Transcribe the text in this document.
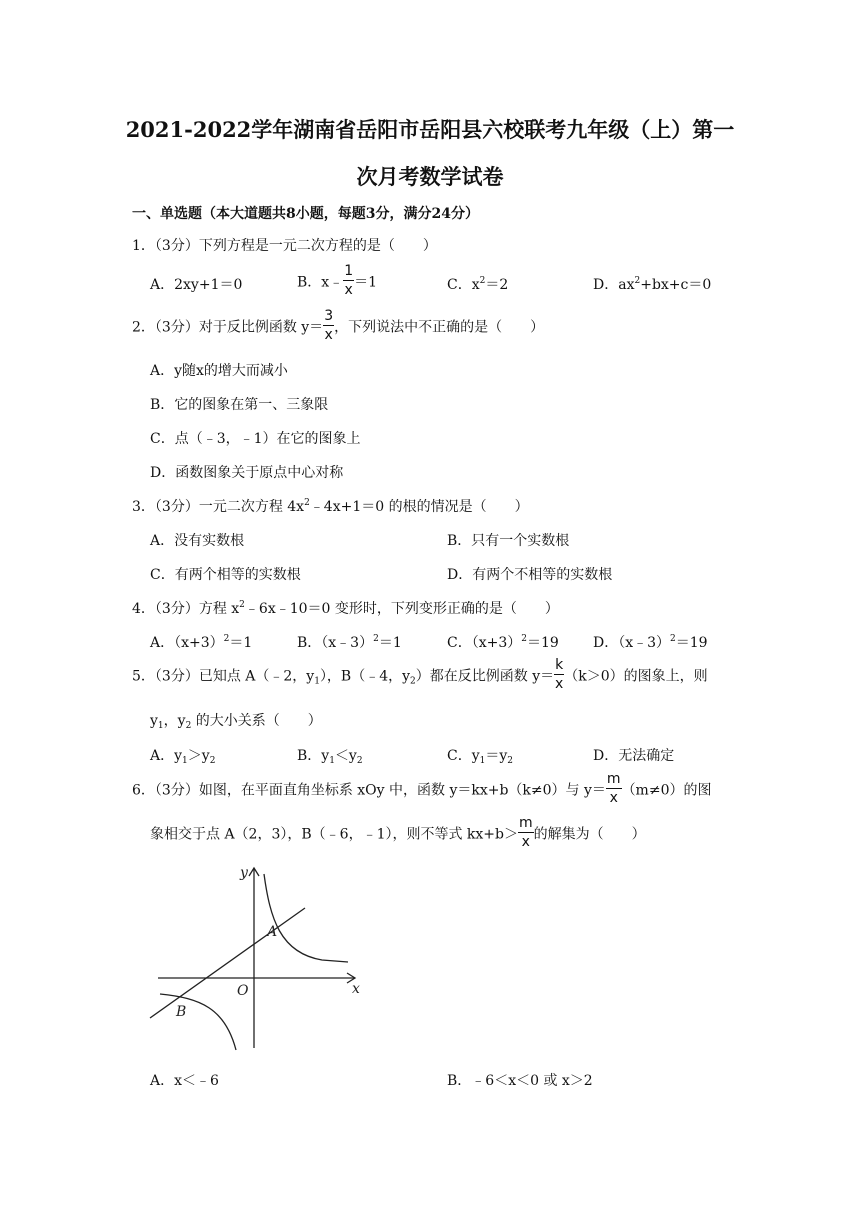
2021-2022学年湖南省岳阳市岳阳县六校联考九年级（上）第一
次月考数学试卷
一、单选题（本大道题共8小题，每题3分，满分24分）
1．（3分）下列方程是一元二次方程的是（　　）
A．2xy+1＝0	B．x﹣ $\frac{1}{x} =1$	C．$x^2=2$	D．$ax^2+bx+c=0$
2．（3分）对于反比例函数 $y= \frac{3}{x}$ ，下列说法中不正确的是（　　）
A．y随x的增大而减小
B．它的图象在第一、三象限
C．点（﹣3，﹣1）在它的图象上
D．函数图象关于原点中心对称
3．（3分）一元二次方程 $4x^2﹣4x+1=0$ 的根的情况是（　　）
A．没有实数根	B．只有一个实数根
C．有两个相等的实数根	D．有两个不相等的实数根
4．（3分）方程 $x^2﹣6x﹣10=0$ 变形时，下列变形正确的是（　　）
A．$(x+3)^2=1$	B．（x﹣3）$^2$＝1	C．$(x+3)^2=19$ D．（x﹣3）$^2$＝19
5．（3分）已知点 A（﹣2，$y_1$），B（﹣4，$y_2$）都在反比例函数 $y= \frac{k}{x} (k>0)$的图象上，则
$y_1$，$y_2$ 的大小关系（　　）
A．$y_1>y_2$	B．$y_1<y_2$	C．$y_1=y_2$	D．无法确定
6．（3分）如图，在平面直角坐标系 xOy 中，函数 y＝kx+b（k≠0）与 $y= \frac{m}{x} (m\ne 0)$的图
象相交于点 A（2，3），B（﹣6，﹣1），则不等式 $kx+b> \frac{m}{x}$ 的解集为（　　）
y
x
O
A
B
A．x＜﹣6	B．﹣6＜x＜0 或 x＞2
